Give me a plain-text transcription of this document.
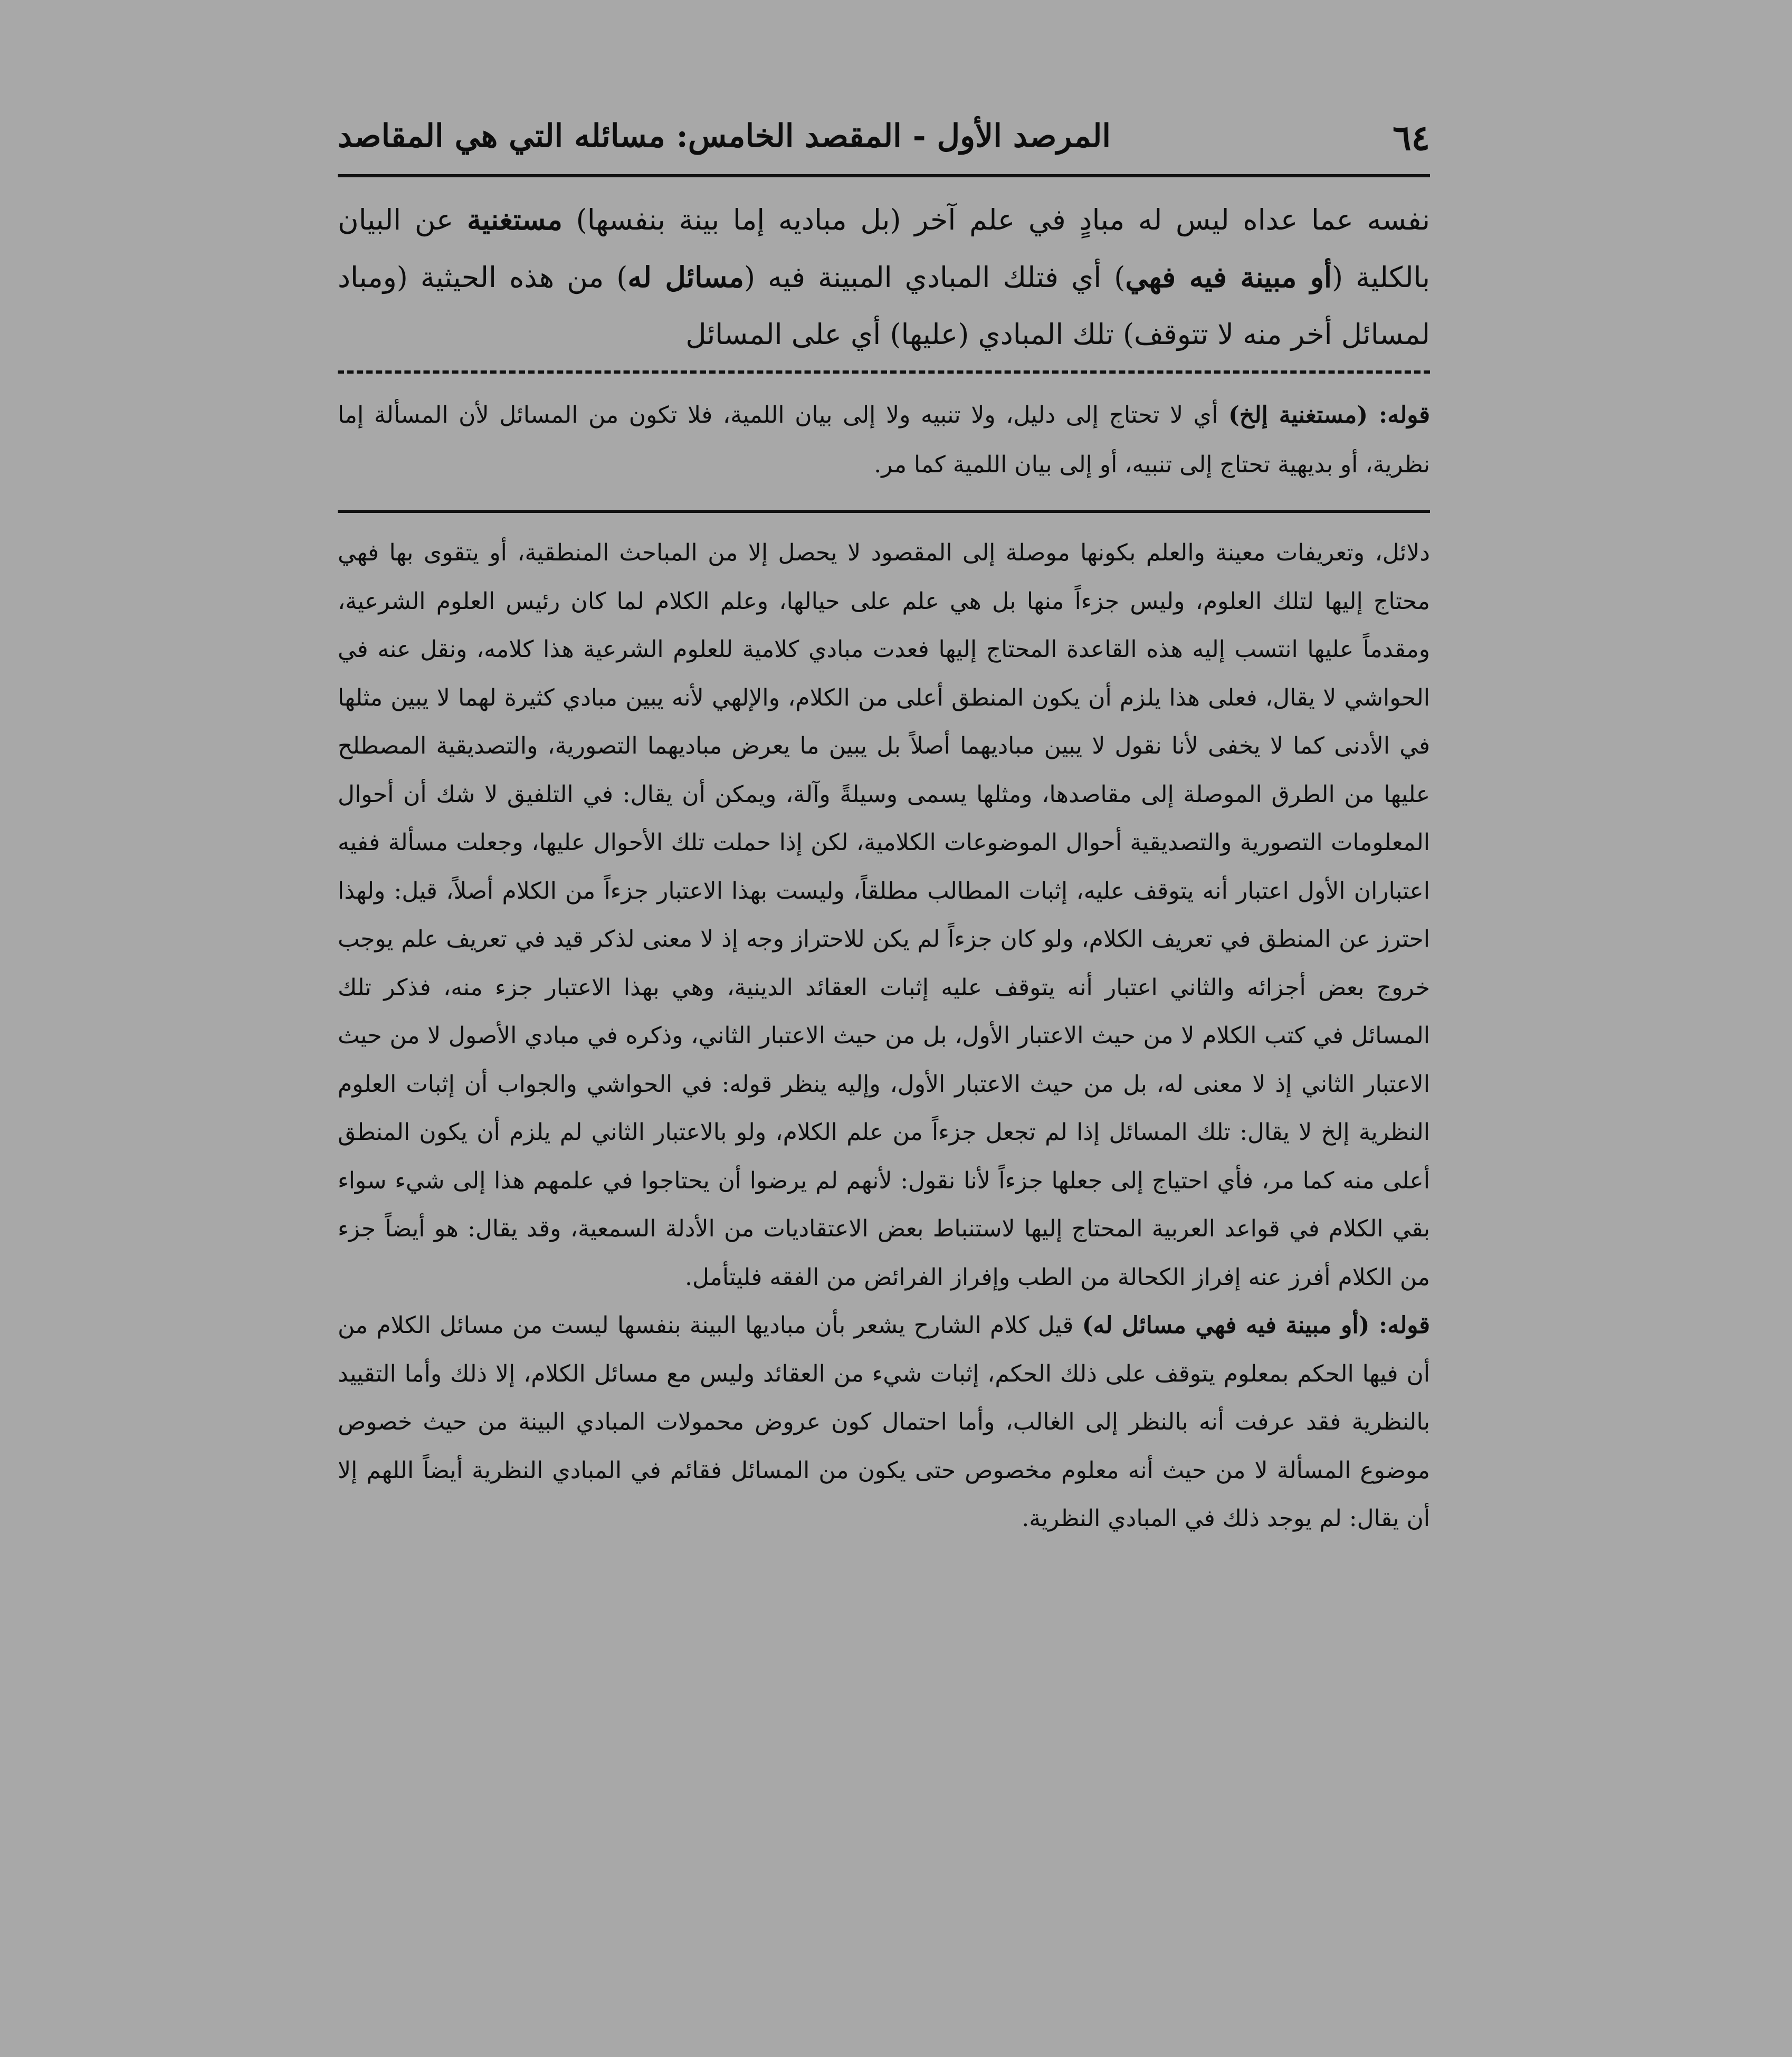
٦٤
المرصد الأول - المقصد الخامس: مسائله التي هي المقاصد
نفسه عما عداه ليس له مبادٍ في علم آخر (بل مباديه إما بينة بنفسها) مستغنية عن البيان بالكلية (أو مبينة فيه فهي) أي فتلك المبادي المبينة فيه (مسائل له) من هذه الحيثية (ومباد لمسائل أخر منه لا تتوقف) تلك المبادي (عليها) أي على المسائل
قوله: (مستغنية إلخ) أي لا تحتاج إلى دليل، ولا تنبيه ولا إلى بيان اللمية، فلا تكون من المسائل لأن المسألة إما نظرية، أو بديهية تحتاج إلى تنبيه، أو إلى بيان اللمية كما مر.

دلائل، وتعريفات معينة والعلم بكونها موصلة إلى المقصود لا يحصل إلا من المباحث المنطقية، أو يتقوى بها فهي محتاج إليها لتلك العلوم، وليس جزءاً منها بل هي علم على حيالها، وعلم الكلام لما كان رئيس العلوم الشرعية، ومقدماً عليها انتسب إليه هذه القاعدة المحتاج إليها فعدت مبادي كلامية للعلوم الشرعية هذا كلامه، ونقل عنه في الحواشي لا يقال، فعلى هذا يلزم أن يكون المنطق أعلى من الكلام، والإلهي لأنه يبين مبادي كثيرة لهما لا يبين مثلها في الأدنى كما لا يخفى لأنا نقول لا يبين مباديهما أصلاً بل يبين ما يعرض مباديهما التصورية، والتصديقية المصطلح عليها من الطرق الموصلة إلى مقاصدها، ومثلها يسمى وسيلةً وآلة، ويمكن أن يقال: في التلفيق لا شك أن أحوال المعلومات التصورية والتصديقية أحوال الموضوعات الكلامية، لكن إذا حملت تلك الأحوال عليها، وجعلت مسألة ففيه اعتباران الأول اعتبار أنه يتوقف عليه، إثبات المطالب مطلقاً، وليست بهذا الاعتبار جزءاً من الكلام أصلاً، قيل: ولهذا احترز عن المنطق في تعريف الكلام، ولو كان جزءاً لم يكن للاحتراز وجه إذ لا معنى لذكر قيد في تعريف علم يوجب خروج بعض أجزائه والثاني اعتبار أنه يتوقف عليه إثبات العقائد الدينية، وهي بهذا الاعتبار جزء منه، فذكر تلك المسائل في كتب الكلام لا من حيث الاعتبار الأول، بل من حيث الاعتبار الثاني، وذكره في مبادي الأصول لا من حيث الاعتبار الثاني إذ لا معنى له، بل من حيث الاعتبار الأول، وإليه ينظر قوله: في الحواشي والجواب أن إثبات العلوم النظرية إلخ لا يقال: تلك المسائل إذا لم تجعل جزءاً من علم الكلام، ولو بالاعتبار الثاني لم يلزم أن يكون المنطق أعلى منه كما مر، فأي احتياج إلى جعلها جزءاً لأنا نقول: لأنهم لم يرضوا أن يحتاجوا في علمهم هذا إلى شيء سواء بقي الكلام في قواعد العربية المحتاج إليها لاستنباط بعض الاعتقاديات من الأدلة السمعية، وقد يقال: هو أيضاً جزء من الكلام أفرز عنه إفراز الكحالة من الطب وإفراز الفرائض من الفقه فليتأمل.

قوله: (أو مبينة فيه فهي مسائل له) قيل كلام الشارح يشعر بأن مباديها البينة بنفسها ليست من مسائل الكلام من أن فيها الحكم بمعلوم يتوقف على ذلك الحكم، إثبات شيء من العقائد وليس مع مسائل الكلام، إلا ذلك وأما التقييد بالنظرية فقد عرفت أنه بالنظر إلى الغالب، وأما احتمال كون عروض محمولات المبادي البينة من حيث خصوص موضوع المسألة لا من حيث أنه معلوم مخصوص حتى يكون من المسائل فقائم في المبادي النظرية أيضاً اللهم إلا أن يقال: لم يوجد ذلك في المبادي النظرية.
